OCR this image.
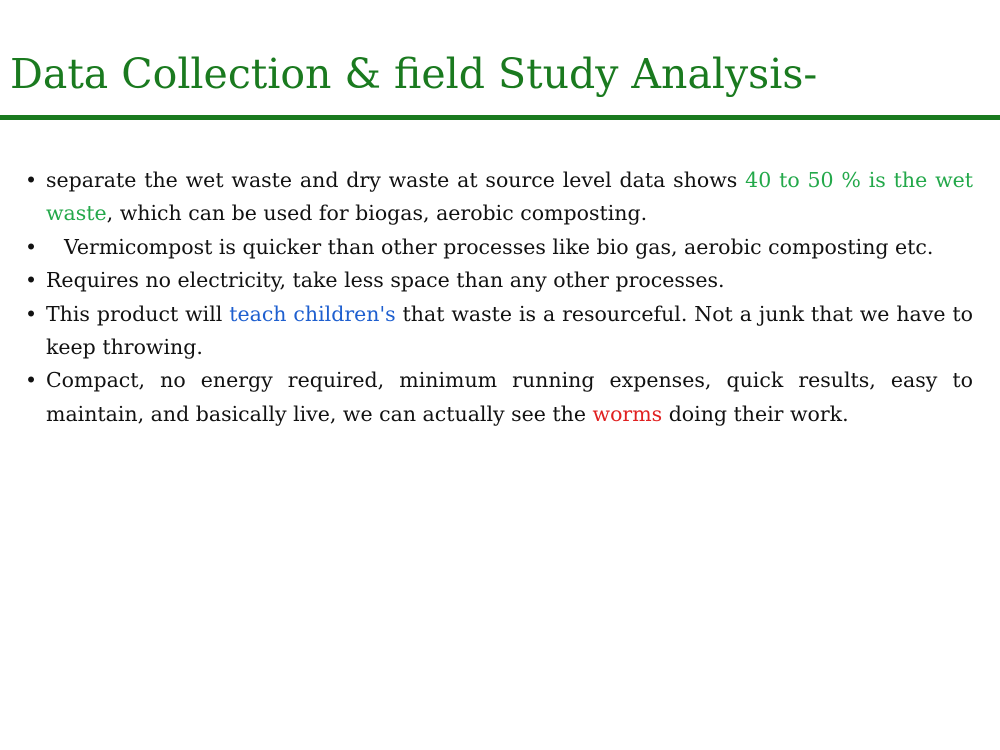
Data Collection & field Study Analysis-
• separate the wet waste and dry waste at source level data shows 40 to 50 % is the wet waste, which can be used for biogas, aerobic composting.
• Vermicompost is quicker than other processes like bio gas, aerobic composting etc.
• Requires no electricity, take less space than any other processes.
• This product will teach children's that waste is a resourceful. Not a junk that we have to keep throwing.
• Compact, no energy required, minimum running expenses, quick results, easy to maintain, and basically live, we can actually see the worms doing their work.
